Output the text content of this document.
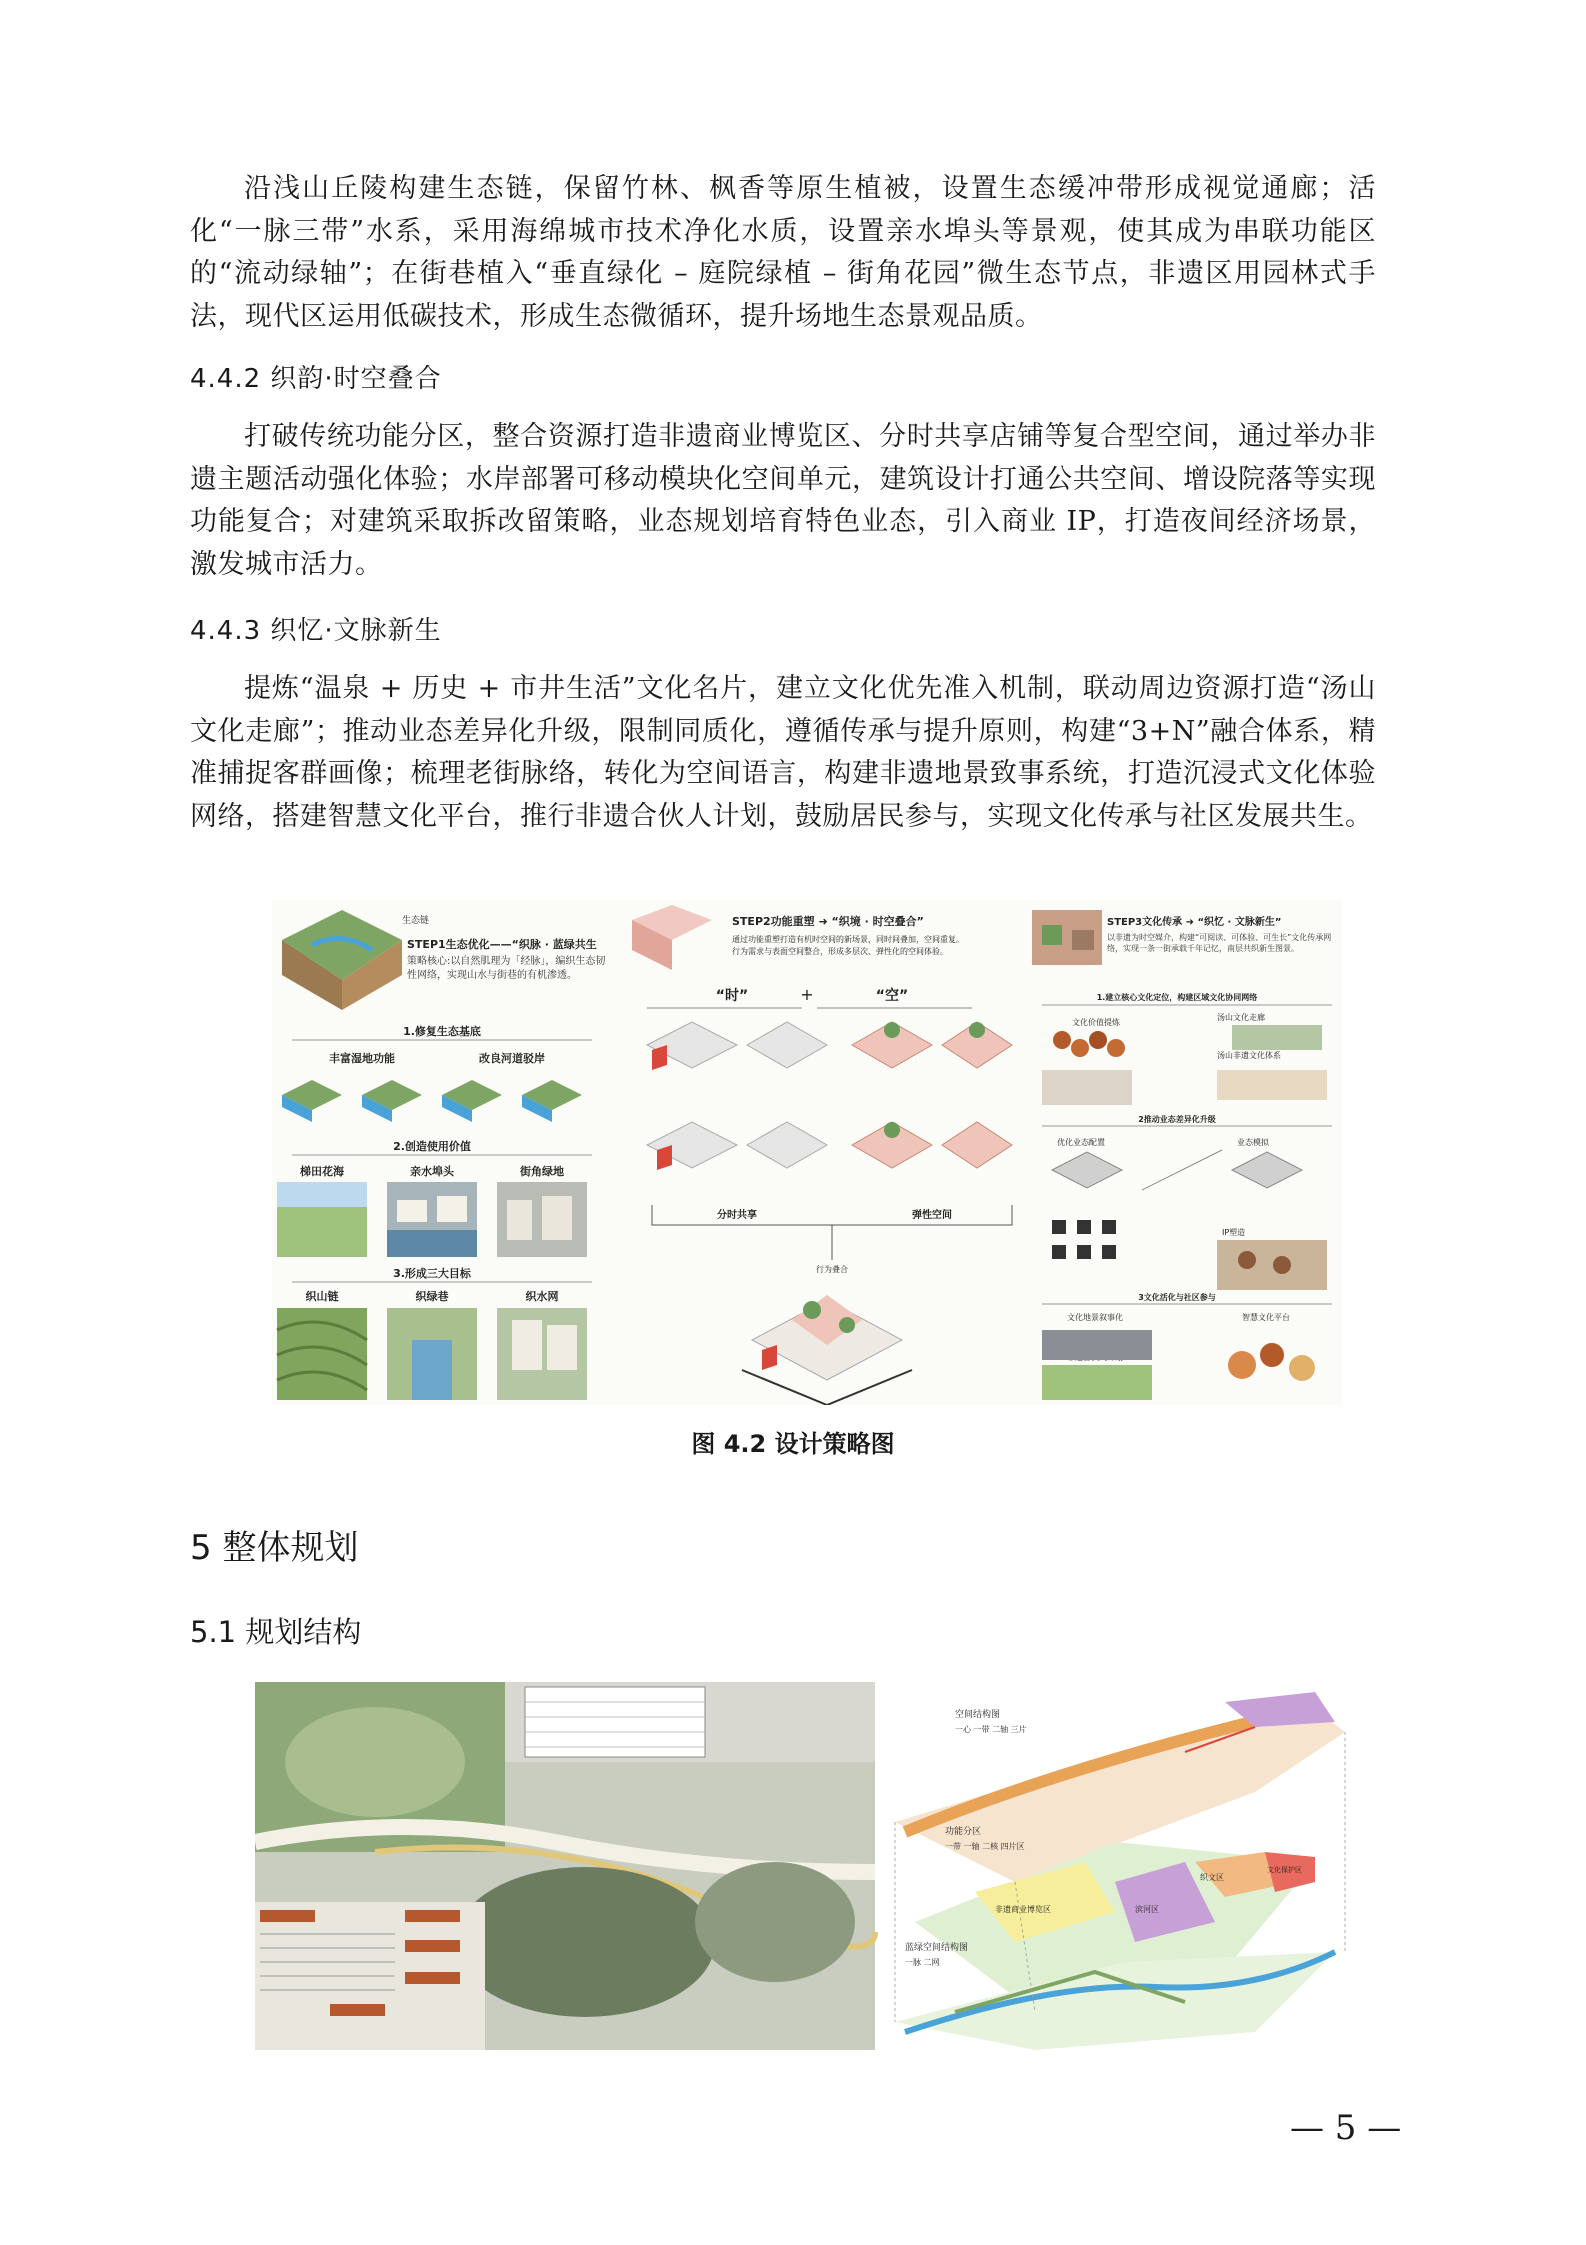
沿浅山丘陵构建生态链，保留竹林、枫香等原生植被，设置生态缓冲带形成视觉通廊；活化“一脉三带”水系，采用海绵城市技术净化水质，设置亲水埠头等景观，使其成为串联功能区的“流动绿轴”；在街巷植入“垂直绿化 – 庭院绿植 – 街角花园”微生态节点，非遗区用园林式手法，现代区运用低碳技术，形成生态微循环，提升场地生态景观品质。

4.4.2 织韵·时空叠合

打破传统功能分区，整合资源打造非遗商业博览区、分时共享店铺等复合型空间，通过举办非遗主题活动强化体验；水岸部署可移动模块化空间单元，建筑设计打通公共空间、增设院落等实现功能复合；对建筑采取拆改留策略，业态规划培育特色业态，引入商业 IP，打造夜间经济场景，激发城市活力。

4.4.3 织忆·文脉新生

提炼“温泉 + 历史 + 市井生活”文化名片，建立文化优先准入机制，联动周边资源打造“汤山文化走廊”；推动业态差异化升级，限制同质化，遵循传承与提升原则，构建“3+N”融合体系，精准捕捉客群画像；梳理老街脉络，转化为空间语言，构建非遗地景致事系统，打造沉浸式文化体验网络，搭建智慧文化平台，推行非遗合伙人计划，鼓励居民参与，实现文化传承与社区发展共生。

生态链
STEP1生态优化——“织脉 · 蓝绿共生
策略核心:以自然肌理为「经脉」，编织生态韧性网络，实现山水与街巷的有机渗透。
1.修复生态基底
丰富湿地功能	改良河道驳岸
2.创造使用价值
梯田花海	亲水埠头	街角绿地
3.形成三大目标
织山链	织绿巷	织水网
STEP2功能重塑 ➜ “织境 · 时空叠合”
通过功能重塑打造有机时空间的新场景，同时间叠加，空间重复。
行为需求与表面空间整合，形成多层次、弹性化的空间体验。
“时”	+	“空”
分时共享	弹性空间
行为叠合
STEP3文化传承 ➜ “织忆 · 文脉新生”
以非遗为时空媒介，构建“可阅读、可体验、可生长”文化传承网络，实现一条一街承载千年记忆，南层共织新生图景。
1.建立核心文化定位，构建区域文化协同网络
文化价值提炼
汤山文化走廊
汤山非遗文化体系
2推动业态差异化升级
优化业态配置	业态模拟
IP塑造
3文化活化与社区参与
文化地景叙事化	智慧文化平台

图 4.2 设计策略图

5 整体规划
5.1 规划结构
空间结构图
一心 一带 二轴 三片
功能分区
一带 一轴 二核 四片区
非遗商业博览区	滨河区
织文区
文化保护区
蓝绿空间结构图
一脉 二网

— 5 —
